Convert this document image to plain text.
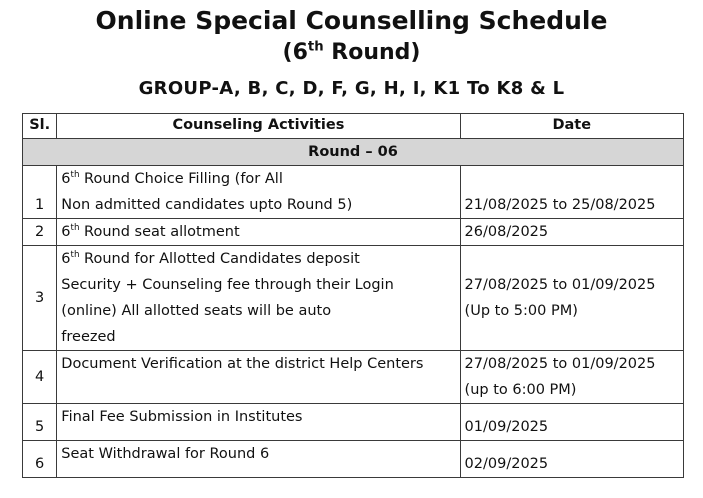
Online Special Counselling Schedule
(6th Round)
GROUP-A, B, C, D, F, G, H, I, K1 To K8 & L
Sl.	Counseling Activities	Date
Round – 06		
1	6th Round Choice Filling (for All
Non admitted candidates upto Round 5)	21/08/2025 to 25/08/2025
2	6th Round seat allotment	26/08/2025
3	6th Round for Allotted Candidates deposit
Security + Counseling fee through their Login
(online) All allotted seats will be auto
freezed	27/08/2025 to 01/09/2025
(Up to 5:00 PM)

4	Document Verification at the district Help Centers	27/08/2025 to 01/09/2025
(up to 6:00 PM)

5	Final Fee Submission in Institutes	01/09/2025

6	Seat Withdrawal for Round 6	02/09/2025
